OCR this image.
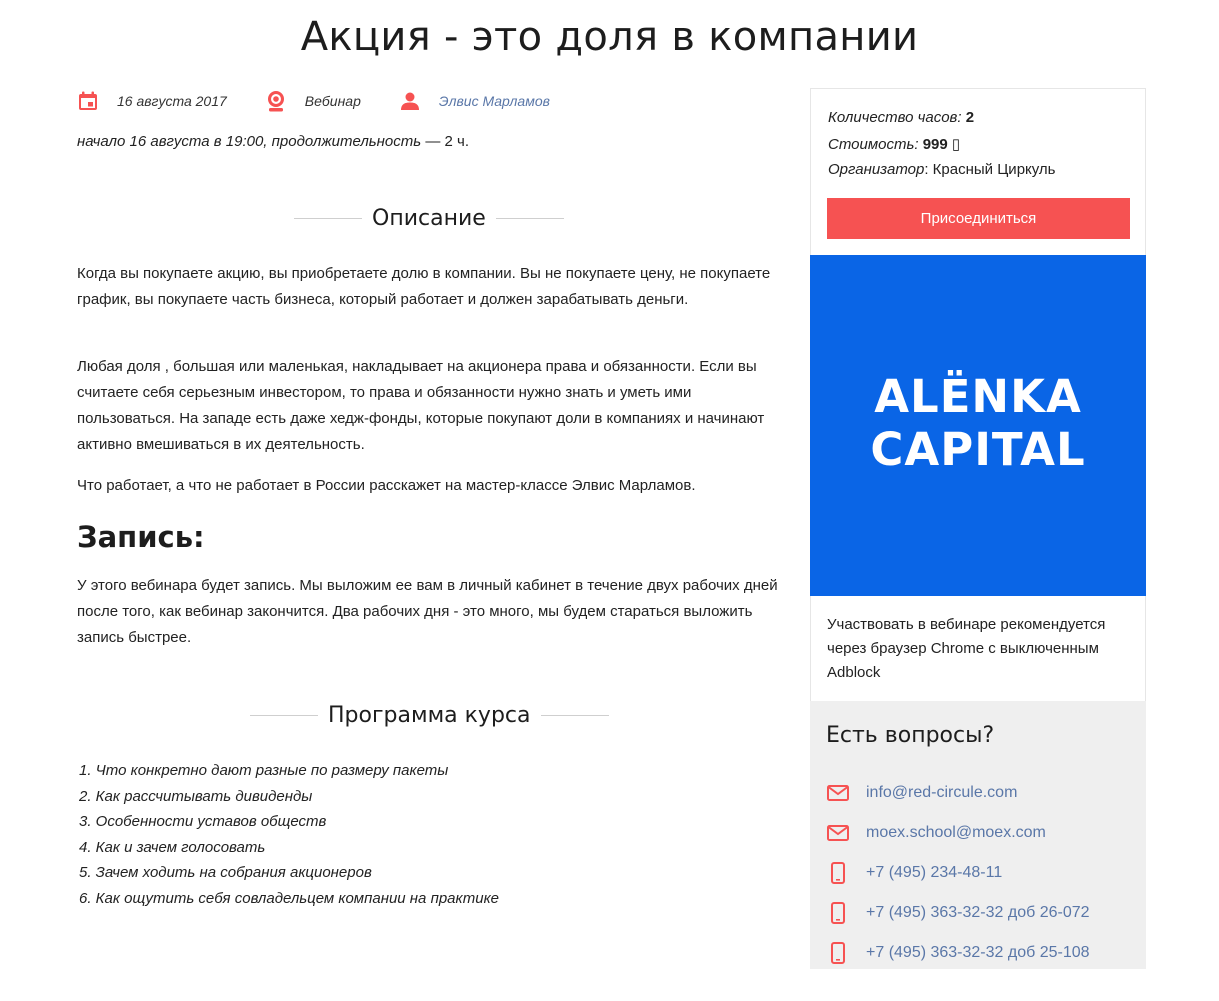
Акция - это доля в компании
16 августа 2017	Вебинар	Элвис Марламов
начало 16 августа в 19:00, продолжительность — 2 ч.
Описание

Когда вы покупаете акцию, вы приобретаете долю в компании. Вы не покупаете цену, не покупаете график, вы покупаете часть бизнеса, который работает и должен зарабатывать деньги.

Любая доля , большая или маленькая, накладывает на акционера права и обязанности. Если вы считаете себя серьезным инвестором, то права и обязанности нужно знать и уметь ими пользоваться. На западе есть даже хедж-фонды, которые покупают доли в компаниях и начинают активно вмешиваться в их деятельность.

Что работает, а что не работает в России расскажет на мастер-классе Элвис Марламов.

Запись:

У этого вебинара будет запись. Мы выложим ее вам в личный кабинет в течение двух рабочих дней после того, как вебинар закончится. Два рабочих дня - это много, мы будем стараться выложить запись быстрее.

Программа курса
1. Что конкретно дают разные по размеру пакеты
2. Как рассчитывать дивиденды
3. Особенности уставов обществ
4. Как и зачем голосовать
5. Зачем ходить на собрания акционеров
6. Как ощутить себя совладельцем компании на практике
Количество часов: 2
Стоимость: 999 ▯
Организатор: Красный Циркуль
Присоединиться
ALЁNKA
CAPITAL

Участвовать в вебинаре рекомендуется через браузер Chrome с выключенным Adblock

Есть вопросы?
info@red-circule.com
moex.school@moex.com
+7 (495) 234-48-11
+7 (495) 363-32-32 доб 26-072
+7 (495) 363-32-32 доб 25-108
